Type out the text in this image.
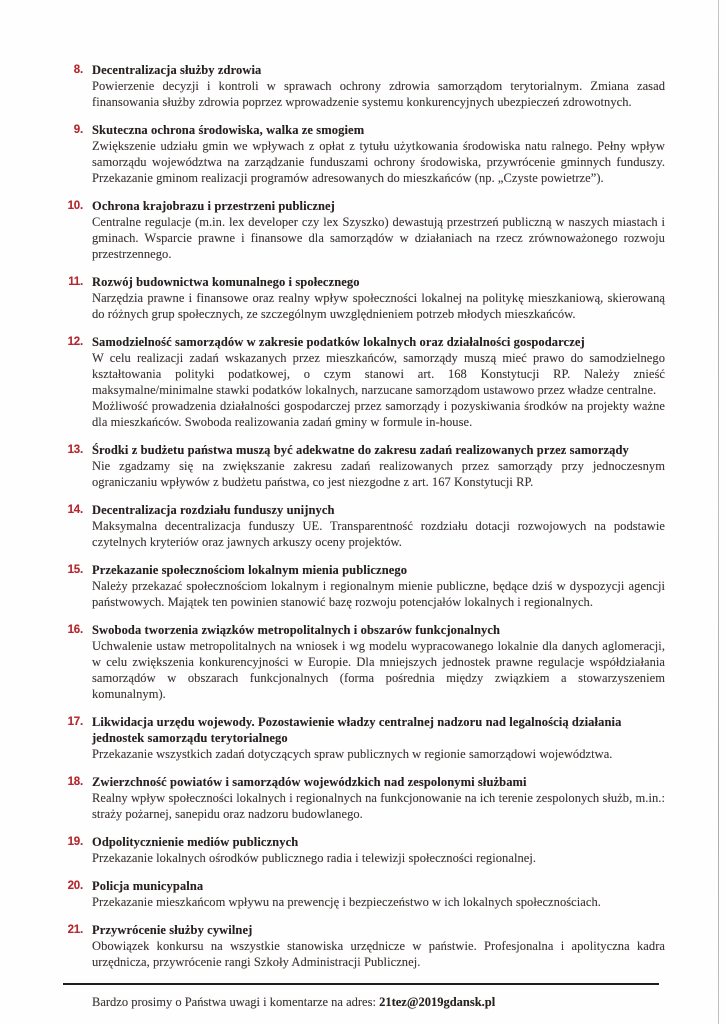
8. Decentralizacja służby zdrowia

Powierzenie decyzji i kontroli w sprawach ochrony zdrowia samorządom terytorialnym. Zmiana zasad finansowania służby zdrowia poprzez wprowadzenie systemu konkurencyjnych ubezpieczeń zdrowotnych.

9. Skuteczna ochrona środowiska, walka ze smogiem

Zwiększenie udziału gmin we wpływach z opłat z tytułu użytkowania środowiska natu ralnego. Pełny wpływ samorządu województwa na zarządzanie funduszami ochrony środowiska, przywrócenie gminnych funduszy. Przekazanie gminom realizacji programów adresowanych do mieszkańców (np. „Czyste powietrze”).

10. Ochrona krajobrazu i przestrzeni publicznej

Centralne regulacje (m.in. lex developer czy lex Szyszko) dewastują przestrzeń publiczną w naszych miastach i gminach. Wsparcie prawne i finansowe dla samorządów w działaniach na rzecz zrównoważonego rozwoju przestrzennego.

11. Rozwój budownictwa komunalnego i społecznego

Narzędzia prawne i finansowe oraz realny wpływ społeczności lokalnej na politykę mieszkaniową, skierowaną do różnych grup społecznych, ze szczególnym uwzględnieniem potrzeb młodych mieszkańców.

12. Samodzielność samorządów w zakresie podatków lokalnych oraz działalności gospodarczej

W celu realizacji zadań wskazanych przez mieszkańców, samorządy muszą mieć prawo do samodzielnego kształtowania polityki podatkowej, o czym stanowi art. 168 Konstytucji RP. Należy znieść maksymalne/minimalne stawki podatków lokalnych, narzucane samorządom ustawowo przez władze centralne.

Możliwość prowadzenia działalności gospodarczej przez samorządy i pozyskiwania środków na projekty ważne dla mieszkańców. Swoboda realizowania zadań gminy w formule in-house.

13. Środki z budżetu państwa muszą być adekwatne do zakresu zadań realizowanych przez samorządy

Nie zgadzamy się na zwiększanie zakresu zadań realizowanych przez samorządy przy jednoczesnym ograniczaniu wpływów z budżetu państwa, co jest niezgodne z art. 167 Konstytucji RP.

14. Decentralizacja rozdziału funduszy unijnych

Maksymalna decentralizacja funduszy UE. Transparentność rozdziału dotacji rozwojowych na podstawie czytelnych kryteriów oraz jawnych arkuszy oceny projektów.

15. Przekazanie społecznościom lokalnym mienia publicznego

Należy przekazać społecznościom lokalnym i regionalnym mienie publiczne, będące dziś w dyspozycji agencji państwowych. Majątek ten powinien stanowić bazę rozwoju potencjałów lokalnych i regionalnych.

16. Swoboda tworzenia związków metropolitalnych i obszarów funkcjonalnych

Uchwalenie ustaw metropolitalnych na wniosek i wg modelu wypracowanego lokalnie dla danych aglomeracji, w celu zwiększenia konkurencyjności w Europie. Dla mniejszych jednostek prawne regulacje współdziałania samorządów w obszarach funkcjonalnych (forma pośrednia między związkiem a stowarzyszeniem komunalnym).

17. Likwidacja urzędu wojewody. Pozostawienie władzy centralnej nadzoru nad legalnością działania jednostek samorządu terytorialnego

Przekazanie wszystkich zadań dotyczących spraw publicznych w regionie samorządowi województwa.

18. Zwierzchność powiatów i samorządów wojewódzkich nad zespolonymi służbami

Realny wpływ społeczności lokalnych i regionalnych na funkcjonowanie na ich terenie zespolonych służb, m.in.: straży pożarnej, sanepidu oraz nadzoru budowlanego.

19. Odpolitycznienie mediów publicznych

Przekazanie lokalnych ośrodków publicznego radia i telewizji społeczności regionalnej.

20. Policja municypalna

Przekazanie mieszkańcom wpływu na prewencję i bezpieczeństwo w ich lokalnych społecznościach.

21. Przywrócenie służby cywilnej

Obowiązek konkursu na wszystkie stanowiska urzędnicze w państwie. Profesjonalna i apolityczna kadra urzędnicza, przywrócenie rangi Szkoły Administracji Publicznej.

Bardzo prosimy o Państwa uwagi i komentarze na adres: 21tez@2019gdansk.pl
